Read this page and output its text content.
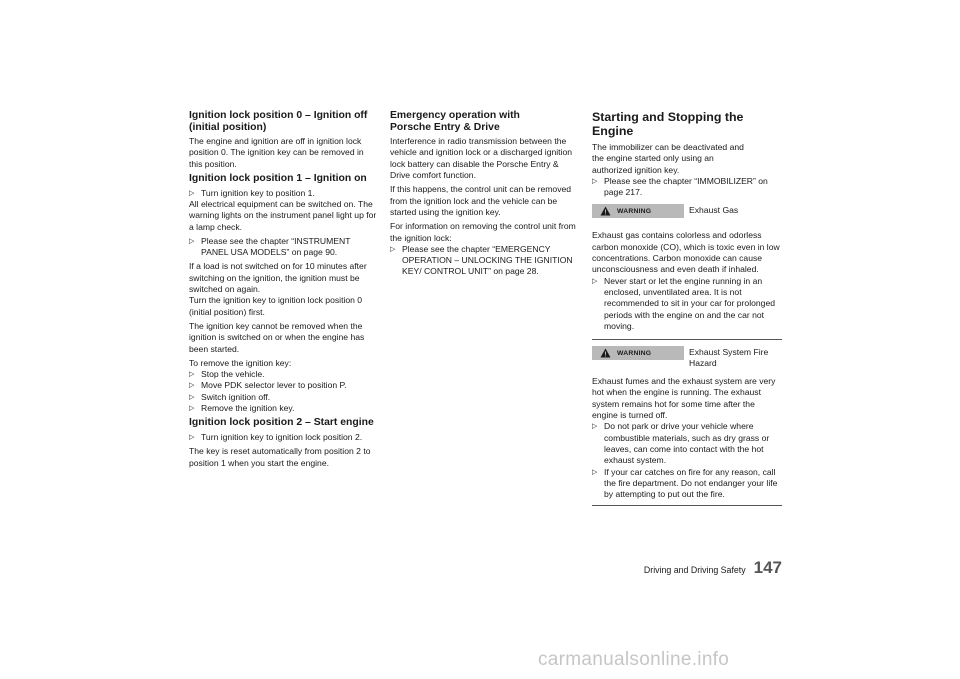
Ignition lock position 0 – Ignition off (initial position)

The engine and ignition are off in ignition lock position 0. The ignition key can be removed in this position.

Ignition lock position 1 – Ignition on

▷ Turn ignition key to position 1.

All electrical equipment can be switched on. The warning lights on the instrument panel light up for a lamp check.

▷ Please see the chapter “INSTRUMENT PANEL USA MODELS” on page 90.

If a load is not switched on for 10 minutes after switching on the ignition, the ignition must be switched on again.

Turn the ignition key to ignition lock position 0 (initial position) first.

The ignition key cannot be removed when the ignition is switched on or when the engine has been started.

To remove the ignition key:

▷ Stop the vehicle.

▷ Move PDK selector lever to position P.

▷ Switch ignition off.

▷ Remove the ignition key.

Ignition lock position 2 – Start engine

▷ Turn ignition key to ignition lock position 2.

The key is reset automatically from position 2 to position 1 when you start the engine.

Emergency operation with Porsche Entry & Drive

Interference in radio transmission between the vehicle and ignition lock or a discharged ignition lock battery can disable the Porsche Entry & Drive comfort function.

If this happens, the control unit can be removed from the ignition lock and the vehicle can be started using the ignition key.

For information on removing the control unit from the ignition lock:

▷ Please see the chapter “EMERGENCY OPERATION – UNLOCKING THE IGNITION KEY/ CONTROL UNIT” on page 28.

Starting and Stopping the Engine

The immobilizer can be deactivated and the engine started only using an authorized ignition key.

▷ Please see the chapter “IMMOBILIZER” on page 217.

WARNING	Exhaust Gas

Exhaust gas contains colorless and odorless carbon monoxide (CO), which is toxic even in low concentrations. Carbon monoxide can cause unconsciousness and even death if inhaled.

▷ Never start or let the engine running in an enclosed, unventilated area. It is not recommended to sit in your car for prolonged periods with the engine on and the car not moving.

WARNING	Exhaust System Fire Hazard

Exhaust fumes and the exhaust system are very hot when the engine is running. The exhaust system remains hot for some time after the engine is turned off.

▷ Do not park or drive your vehicle where combustible materials, such as dry grass or leaves, can come into contact with the hot exhaust system.

▷ If your car catches on fire for any reason, call the fire department. Do not endanger your life by attempting to put out the fire.

Driving and Driving Safety 147
carmanualsonline.info
